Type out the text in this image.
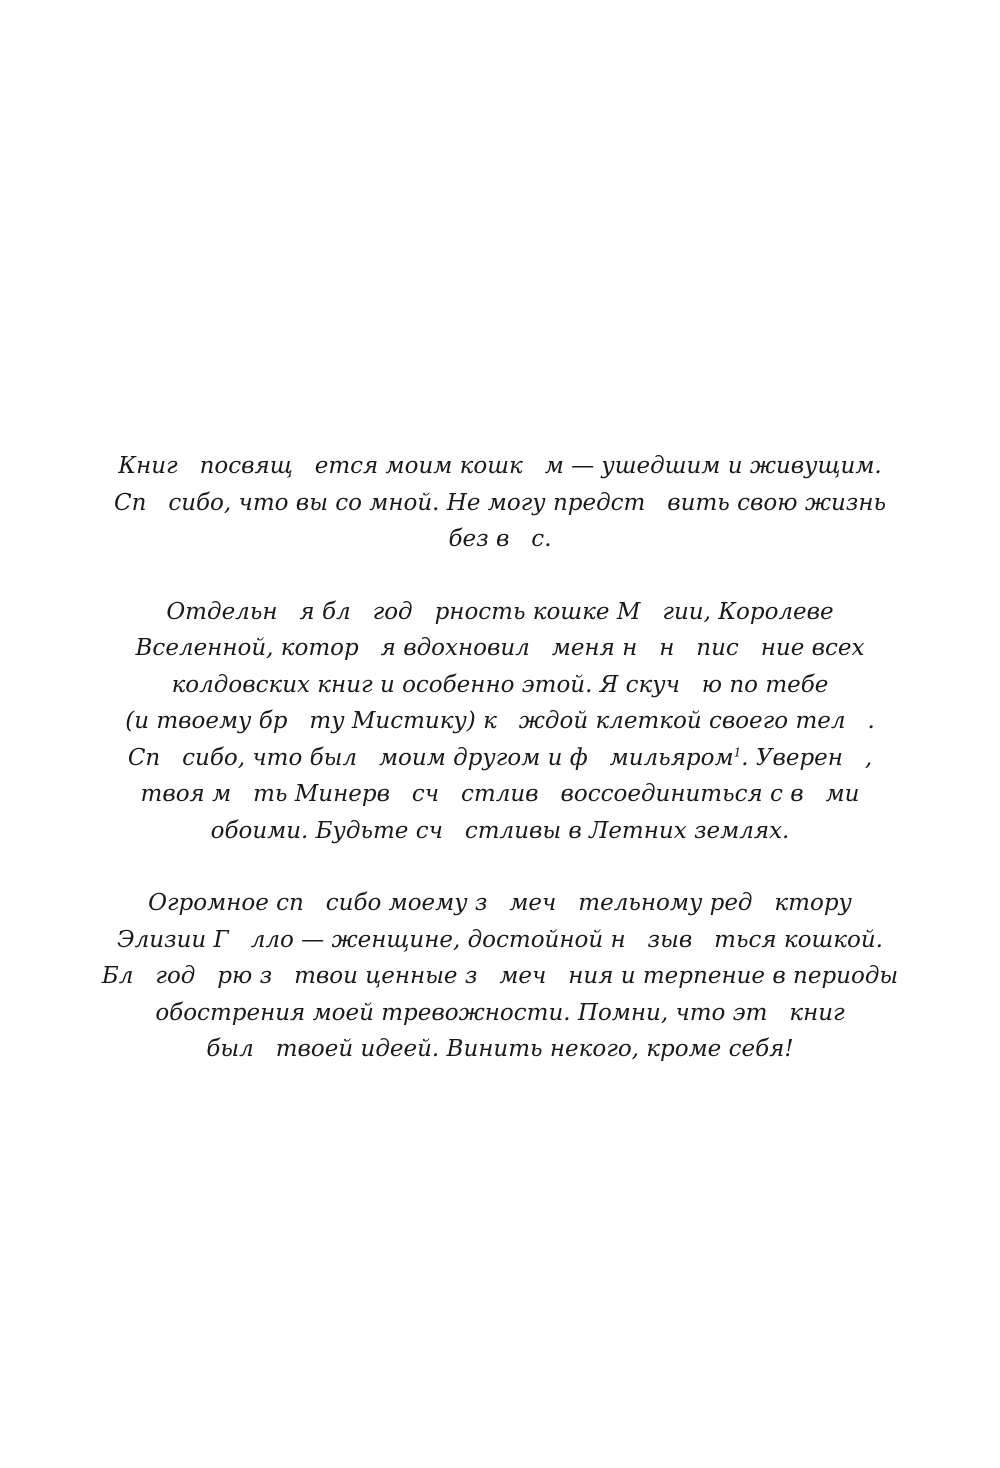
Книг   посвящ   ется моим кошк   м — ушедшим и живущим.
Сп   сибо, что вы со мной. Не могу предст   вить свою жизнь
без в   с.

Отдельн   я бл   год   рность кошке М   гии, Королеве
Вселенной, котор   я вдохновил   меня н   н   пис   ние всех
колдовских книг и особенно этой. Я скуч   ю по тебе
(и твоему бр   ту Мистику) к   ждой клеткой своего тел   .
Сп   сибо, что был   моим другом и ф   мильяром$^1$. Уверен   ,
твоя м   ть Минерв   сч   стлив   воссоединиться с в   ми
обоими. Будьте сч   стливы в Летних землях.

Огромное сп   сибо моему з   меч   тельному ред   ктору
Элизии Г   лло — женщине, достойной н   зыв   ться кошкой.
Бл   год   рю з   твои ценные з   меч   ния и терпение в периоды
обострения моей тревожности. Помни, что эт   книг
был   твоей идеей. Винить некого, кроме себя!
